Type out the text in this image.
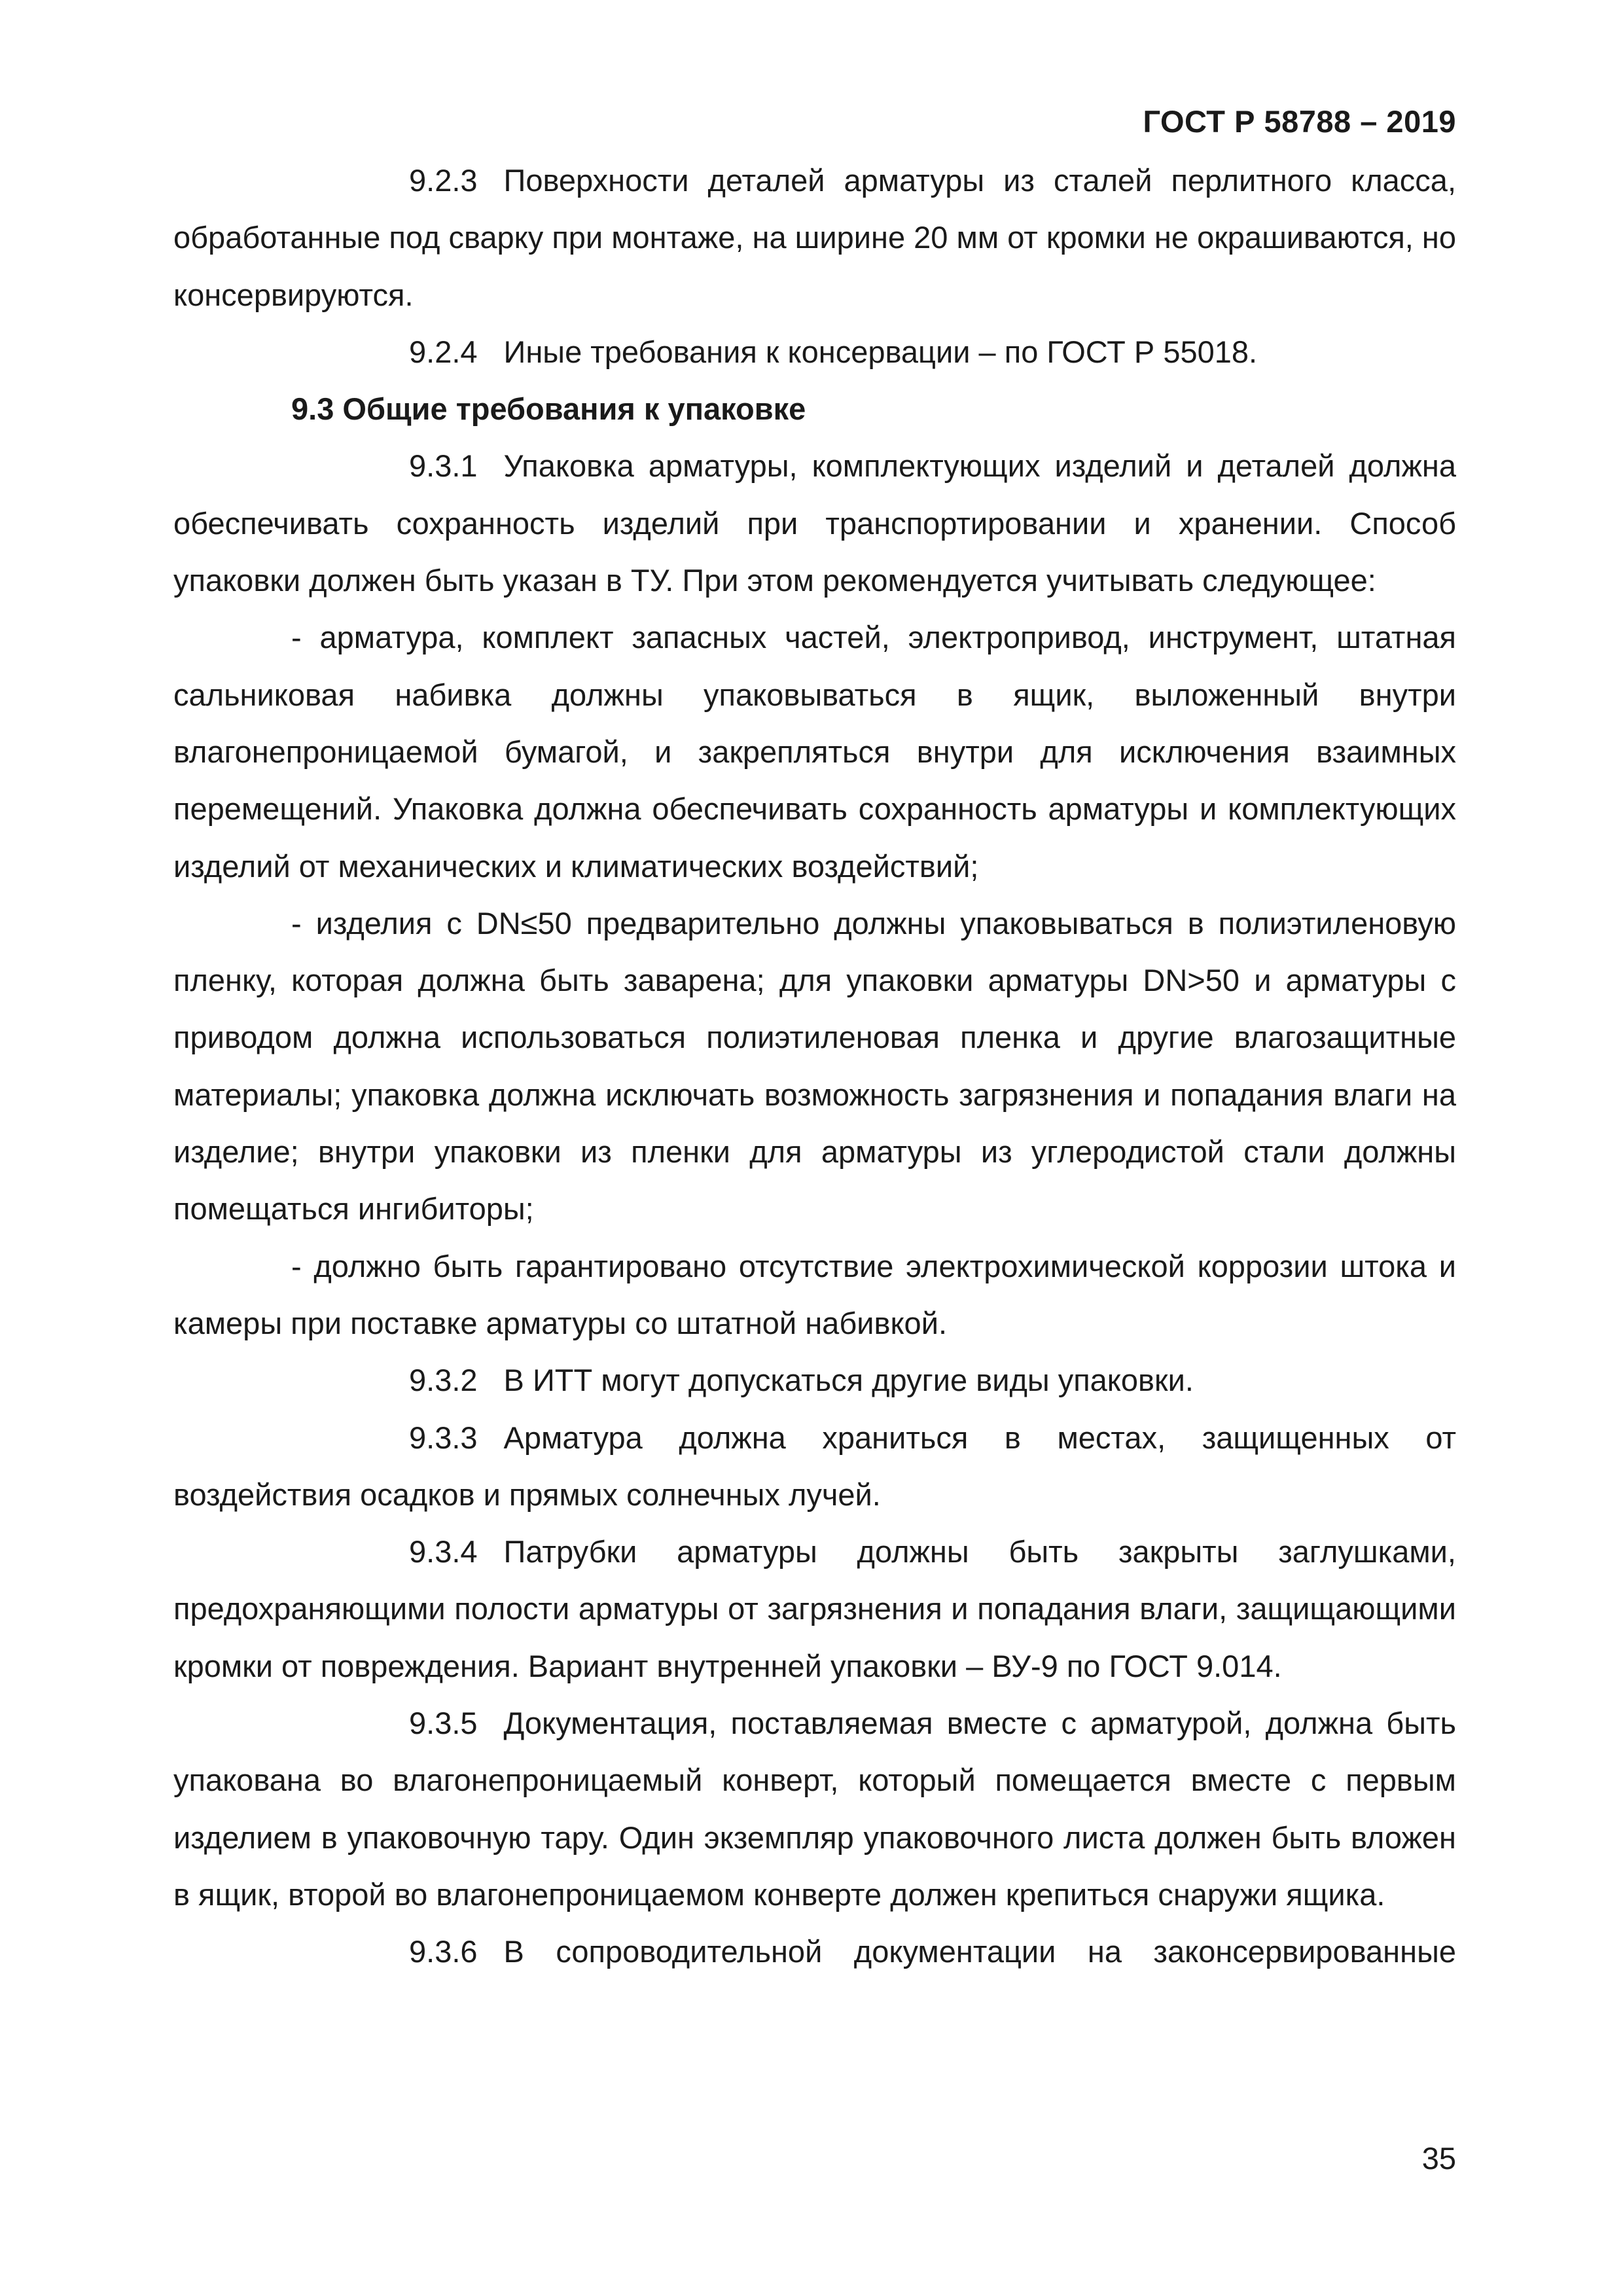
ГОСТ Р 58788 – 2019

9.2.3 Поверхности деталей арматуры из сталей перлитного класса, обработанные под сварку при монтаже, на ширине 20 мм от кромки не окрашиваются, но консервируются.

9.2.4 Иные требования к консервации – по ГОСТ Р 55018.

9.3 Общие требования к упаковке

9.3.1 Упаковка арматуры, комплектующих изделий и деталей должна обеспечивать сохранность изделий при транспортировании и хранении. Способ упаковки должен быть указан в ТУ. При этом рекомендуется учитывать следующее:

- арматура, комплект запасных частей, электропривод, инструмент, штатная сальниковая набивка должны упаковываться в ящик, выложенный внутри влагонепроницаемой бумагой, и закрепляться внутри для исключения взаимных перемещений. Упаковка должна обеспечивать сохранность арматуры и комплектующих изделий от механических и климатических воздействий;

- изделия с DN≤50 предварительно должны упаковываться в полиэтиленовую пленку, которая должна быть заварена; для упаковки арматуры DN>50 и арматуры с приводом должна использоваться полиэтиленовая пленка и другие влагозащитные материалы; упаковка должна исключать возможность загрязнения и попадания влаги на изделие; внутри упаковки из пленки для арматуры из углеродистой стали должны помещаться ингибиторы;

- должно быть гарантировано отсутствие электрохимической коррозии штока и камеры при поставке арматуры со штатной набивкой.

9.3.2 В ИТТ могут допускаться другие виды упаковки.

9.3.3 Арматура должна храниться в местах, защищенных от воздействия осадков и прямых солнечных лучей.

9.3.4 Патрубки арматуры должны быть закрыты заглушками, предохраняющими полости арматуры от загрязнения и попадания влаги, защищающими кромки от повреждения. Вариант внутренней упаковки – ВУ-9 по ГОСТ 9.014.

9.3.5 Документация, поставляемая вместе с арматурой, должна быть упакована во влагонепроницаемый конверт, который помещается вместе с первым изделием в упаковочную тару. Один экземпляр упаковочного листа должен быть вложен в ящик, второй во влагонепроницаемом конверте должен крепиться снаружи ящика.

9.3.6 В сопроводительной документации на законсервированные

35
